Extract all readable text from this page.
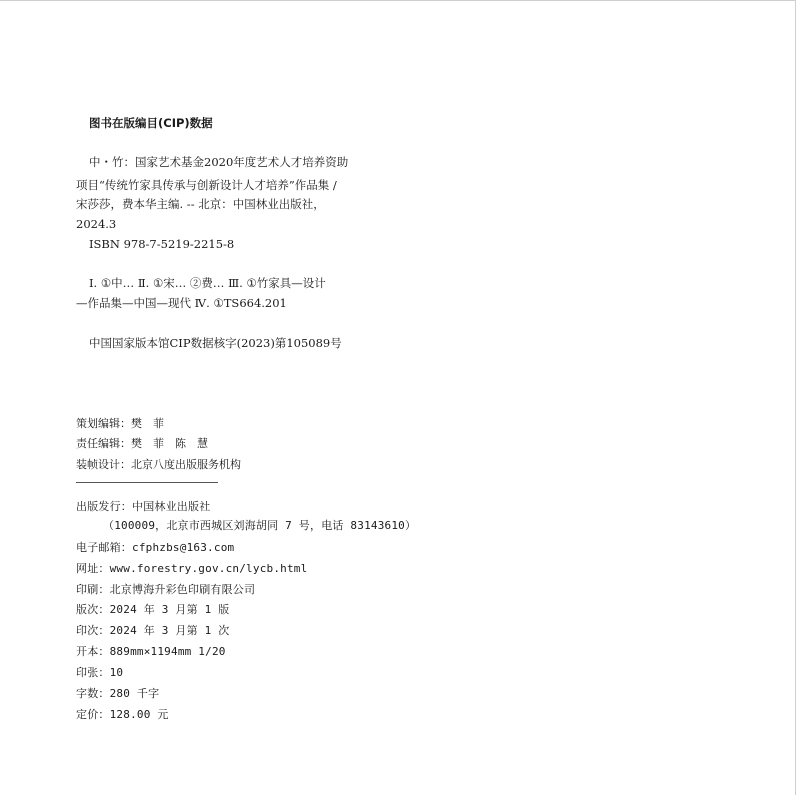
图书在版编目(CIP)数据
中・竹：国家艺术基金2020年度艺术人才培养资助
项目“传统竹家具传承与创新设计人才培养”作品集 /
宋莎莎，费本华主编. -- 北京：中国林业出版社，
2024.3
ISBN 978-7-5219-2215-8
Ⅰ. ①中… Ⅱ. ①宋… ②费… Ⅲ. ①竹家具—设计
—作品集—中国—现代 Ⅳ. ①TS664.201
中国国家版本馆CIP数据核字(2023)第105089号
策划编辑：樊　菲
责任编辑：樊　菲　陈　慧
装帧设计：北京八度出版服务机构
出版发行：中国林业出版社
（100009，北京市西城区刘海胡同 7 号，电话 83143610）
电子邮箱：cfphzbs@163.com
网址：www.forestry.gov.cn/lycb.html
印刷：北京博海升彩色印刷有限公司
版次：2024 年 3 月第 1 版
印次：2024 年 3 月第 1 次
开本：889mm×1194mm 1/20
印张：10
字数：280 千字
定价：128.00 元
